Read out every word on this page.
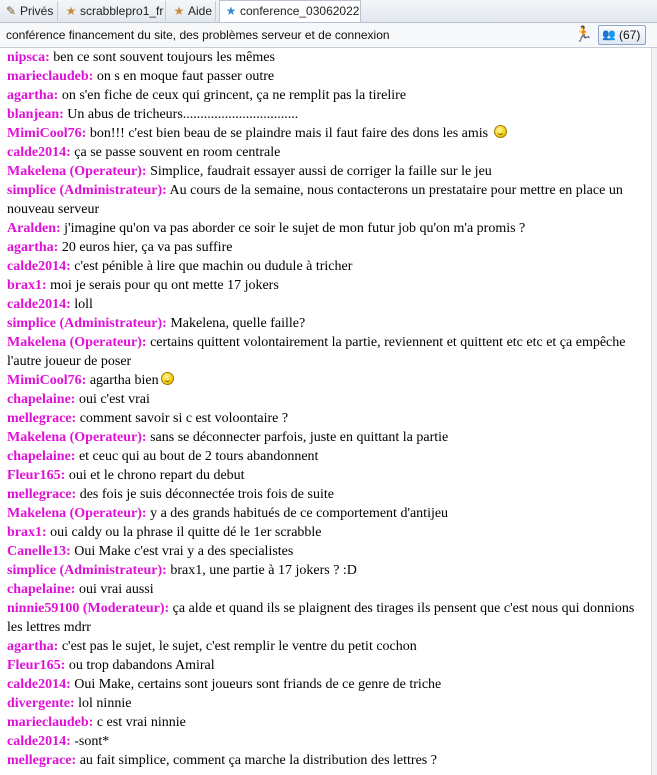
✎ Privés	★ scrabblepro1_fr ★ Aide	★ conference_03062022
conférence financement du site, des problèmes serveur et de connexion	🏃 👥 (67)

nipsca: ben ce sont souvent toujours les mêmes

marieclaudeb: on s en moque faut passer outre

agartha: on s'en fiche de ceux qui grincent, ça ne remplit pas la tirelire

blanjean: Un abus de tricheurs.................................

MimiCool76: bon!!! c'est bien beau de se plaindre mais il faut faire des dons les amis

calde2014: ça se passe souvent en room centrale

Makelena (Operateur): Simplice, faudrait essayer aussi de corriger la faille sur le jeu

simplice (Administrateur): Au cours de la semaine, nous contacterons un prestataire pour mettre en place un nouveau serveur

Aralden: j'imagine qu'on va pas aborder ce soir le sujet de mon futur job qu'on m'a promis ?

agartha: 20 euros hier, ça va pas suffire

calde2014: c'est pénible à lire que machin ou dudule à tricher

brax1: moi je serais pour qu ont mette 17 jokers

calde2014: loll

simplice (Administrateur): Makelena, quelle faille?

Makelena (Operateur): certains quittent volontairement la partie, reviennent et quittent etc etc et ça empêche l'autre joueur de poser

MimiCool76: agartha bien

chapelaine: oui c'est vrai

mellegrace: comment savoir si c est voloontaire ?

Makelena (Operateur): sans se déconnecter parfois, juste en quittant la partie

chapelaine: et ceuc qui au bout de 2 tours abandonnent

Fleur165: oui et le chrono repart du debut

mellegrace: des fois je suis déconnectée trois fois de suite

Makelena (Operateur): y a des grands habitués de ce comportement d'antijeu

brax1: oui caldy ou la phrase il quitte dé le 1er scrabble

Canelle13: Oui Make c'est vrai y a des specialistes

simplice (Administrateur): brax1, une partie à 17 jokers ? :D

chapelaine: oui vrai aussi

ninnie59100 (Moderateur): ça alde et quand ils se plaignent des tirages ils pensent que c'est nous qui donnions les lettres mdrr

agartha: c'est pas le sujet, le sujet, c'est remplir le ventre du petit cochon

Fleur165: ou trop dabandons Amiral

calde2014: Oui Make, certains sont joueurs sont friands de ce genre de triche

divergente: lol ninnie

marieclaudeb: c est vrai ninnie

calde2014: -sont*

mellegrace: au fait simplice, comment ça marche la distribution des lettres ?
